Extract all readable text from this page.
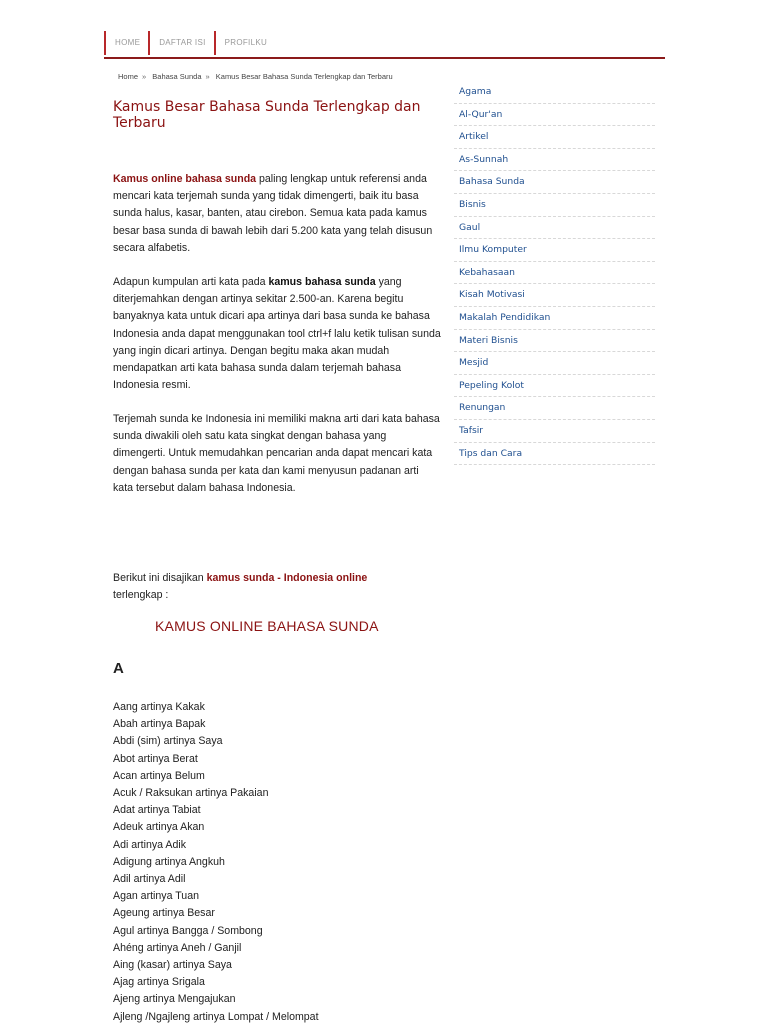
HOME	DAFTAR ISI	PROFILKU
Home » Bahasa Sunda » Kamus Besar Bahasa Sunda Terlengkap dan Terbaru
Kamus Besar Bahasa Sunda Terlengkap dan Terbaru

Kamus online bahasa sunda paling lengkap untuk referensi anda mencari kata terjemah sunda yang tidak dimengerti, baik itu basa sunda halus, kasar, banten, atau cirebon. Semua kata pada kamus besar basa sunda di bawah lebih dari 5.200 kata yang telah disusun secara alfabetis.

Adapun kumpulan arti kata pada kamus bahasa sunda yang diterjemahkan dengan artinya sekitar 2.500-an. Karena begitu banyaknya kata untuk dicari apa artinya dari basa sunda ke bahasa Indonesia anda dapat menggunakan tool ctrl+f lalu ketik tulisan sunda yang ingin dicari artinya. Dengan begitu maka akan mudah mendapatkan arti kata bahasa sunda dalam terjemah bahasa Indonesia resmi.

Terjemah sunda ke Indonesia ini memiliki makna arti dari kata bahasa sunda diwakili oleh satu kata singkat dengan bahasa yang dimengerti. Untuk memudahkan pencarian anda dapat mencari kata dengan bahasa sunda per kata dan kami menyusun padanan arti kata tersebut dalam bahasa Indonesia.

Berikut ini disajikan kamus sunda - Indonesia online terlengkap :

KAMUS ONLINE BAHASA SUNDA
A
Aang artinya Kakak
Abah artinya Bapak
Abdi (sim) artinya Saya
Abot artinya Berat
Acan artinya Belum
Acuk / Raksukan artinya Pakaian
Adat artinya Tabiat
Adeuk artinya Akan
Adi artinya Adik
Adigung artinya Angkuh
Adil artinya Adil
Agan artinya Tuan
Ageung artinya Besar
Agul artinya Bangga / Sombong
Ahéng artinya Aneh / Ganjil
Aing (kasar) artinya Saya
Ajag artinya Srigala
Ajeng artinya Mengajukan
Ajleng /Ngajleng artinya Lompat / Melompat
Agama
Al-Qur'an
Artikel
As-Sunnah
Bahasa Sunda
Bisnis
Gaul
Ilmu Komputer
Kebahasaan
Kisah Motivasi
Makalah Pendidikan
Materi Bisnis
Mesjid
Pepeling Kolot
Renungan
Tafsir
Tips dan Cara
